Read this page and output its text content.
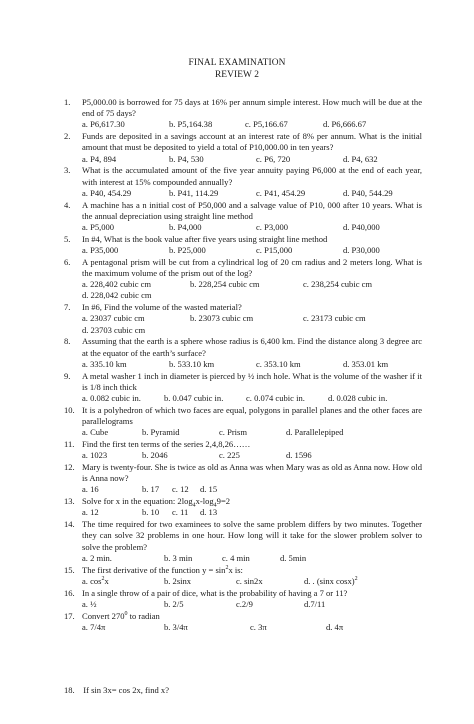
FINAL EXAMINATION
REVIEW 2
1.	P5,000.00 is borrowed for 75 days at 16% per annum simple interest. How much will be due at the end of 75 days?
a. P6,617.30	b. P5,164.38	c. P5,166.67	d. P6,666.67
2.	Funds are deposited in a savings account at an interest rate of 8% per annum. What is the initial amount that must be deposited to yield a total of P10,000.00 in ten years?
a. P4, 894	b. P4, 530	c. P6, 720	d. P4, 632
3.	What is the accumulated amount of the five year annuity paying P6,000 at the end of each year, with interest at 15% compounded annually?
a. P40, 454.29	b. P41, 114.29	c. P41, 454.29	d. P40, 544.29
4.	A machine has a n initial cost of P50,000 and a salvage value of P10, 000 after 10 years. What is the annual depreciation using straight line method
a. P5,000	b. P4,000	c. P3,000	d. P40,000
5.	In #4, What is the book value after five years using straight line method
a. P35,000	b. P25,000	c. P15,000	d. P30,000
6.	A pentagonal prism will be cut from a cylindrical log of 20 cm radius and 2 meters long. What is the maximum volume of the prism out of the log?
a. 228,402 cubic cm	b. 228,254 cubic cm	c. 238,254 cubic cm
d. 228,042 cubic cm
7.	In #6, Find the volume of the wasted material?
a. 23037 cubic cm	b. 23073 cubic cm	c. 23173 cubic cm
d. 23703 cubic cm
8.	Assuming that the earth is a sphere whose radius is 6,400 km. Find the distance along 3 degree arc at the equator of the earth’s surface?
a. 335.10 km	b. 533.10 km	c. 353.10 km	d. 353.01 km
9.	A metal washer 1 inch in diameter is pierced by ½ inch hole. What is the volume of the washer if it is 1/8 inch thick
a. 0.082 cubic in.	b. 0.047 cubic in.	c. 0.074 cubic in.	d. 0.028 cubic in.
10. It is a polyhedron of which two faces are equal, polygons in parallel planes and the other faces are parallelograms
a. Cube	b. Pyramid	c. Prism	d. Parallelepiped
11. Find the first ten terms of the series 2,4,8,26……
a. 1023	b. 2046	c. 225	d. 1596
12. Mary is twenty-four. She is twice as old as Anna was when Mary was as old as Anna now. How old is Anna now?
a. 16	b. 17 c. 12 d. 15
13. Solve for x in the equation: $2\log_4x-\log_49=2$
a. 12	b. 10 c. 11 d. 13
14. The time required for two examinees to solve the same problem differs by two minutes. Together they can solve 32 problems in one hour. How long will it take for the slower problem solver to solve the problem?
a. 2 min.	b. 3 min	c. 4 min	d. 5min
15. The first derivative of the function $y = \sin^2x$ is:
a. $\cos^2x$	b. 2sinx	c. sin2x	d. . (sinx cosx)$^2$
16. In a single throw of a pair of dice, what is the probability of having a 7 or 11?
a. ½	b. 2/5	c.2/9	d.7/11
17. Convert $270^0$ to radian
a. 7/4π	b. 3/4π	c. 3π	d. 4π
18. If sin 3x= cos 2x, find x?
